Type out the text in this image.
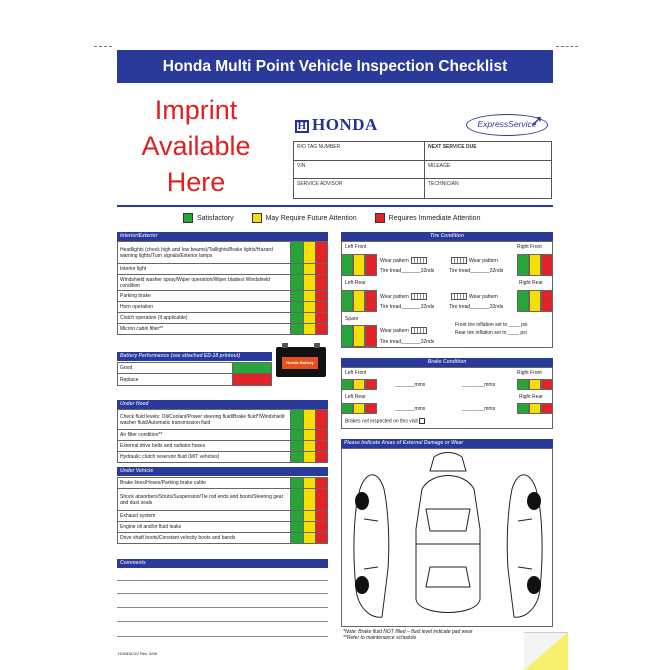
Honda Multi Point Vehicle Inspection Checklist
Imprint
Available
Here
H HONDA	ExpressService
➚
R/O TAG NUMBER	NEXT SERVICE DUE
VIN	MILEAGE
SERVICE ADVISOR	TECHNICIAN
Satisfactory	May Require Future Attention	Requires Immediate Attention
Interior/Exterior
Headlights (check high and low beams)/Taillights/Brake lights/Hazard warning lights/Turn signals/Exterior lamps			
Interior light			
Windshield washer spray/Wiper operation/Wiper blades/ Windshield condition			
Parking brake			
Horn operation			
Clutch operation (if applicable)			
Micron cabin filter**			
Battery Performance (see attached ED-18 printout)
Good	
Replace	
Honda Battery
Under Hood
Check fluid levels: Oil/Coolant/Power steering fluid/Brake fluid*/Windshield washer fluid/Automatic transmission fluid			
Air filter condition**			
External drive belts and radiator hoses			
Hydraulic clutch reservoir fluid (M/T vehicles)			
Under Vehicle
Brake lines/Hoses/Parking brake cable			
Shock absorbers/Struts/Suspension/Tie rod ends and boots/Steering gear and dust seals			
Exhaust system			
Engine oil and/or fluid leaks			
Drive shaft boots/Constant velocity boots and bands			
Comments
Tire Condition
Left Front	Right Front
Wear pattern	Wear pattern
Tire tread_______32nds	Tire tread_______32nds
Left Rear	Right Rear
Wear pattern	Wear pattern
Tire tread_______32nds	Tire tread_______32nds
Spare
Wear pattern
Tire tread_______32nds
Front tire inflation set to ____ psi
Rear tire inflation set to ____ psi
Brake Condition
Left Front	Right Front
_______mms	________mms
Left Rear	Right Rear
_______mms	________mms
Brakes not inspected on this visit
Please Indicate Areas of External Damage or Wear
*Note: Brake fluid NOT filled – fluid level indicate pad wear
**Refer to maintenance schedule
HONDA DV Rev. 3/08
